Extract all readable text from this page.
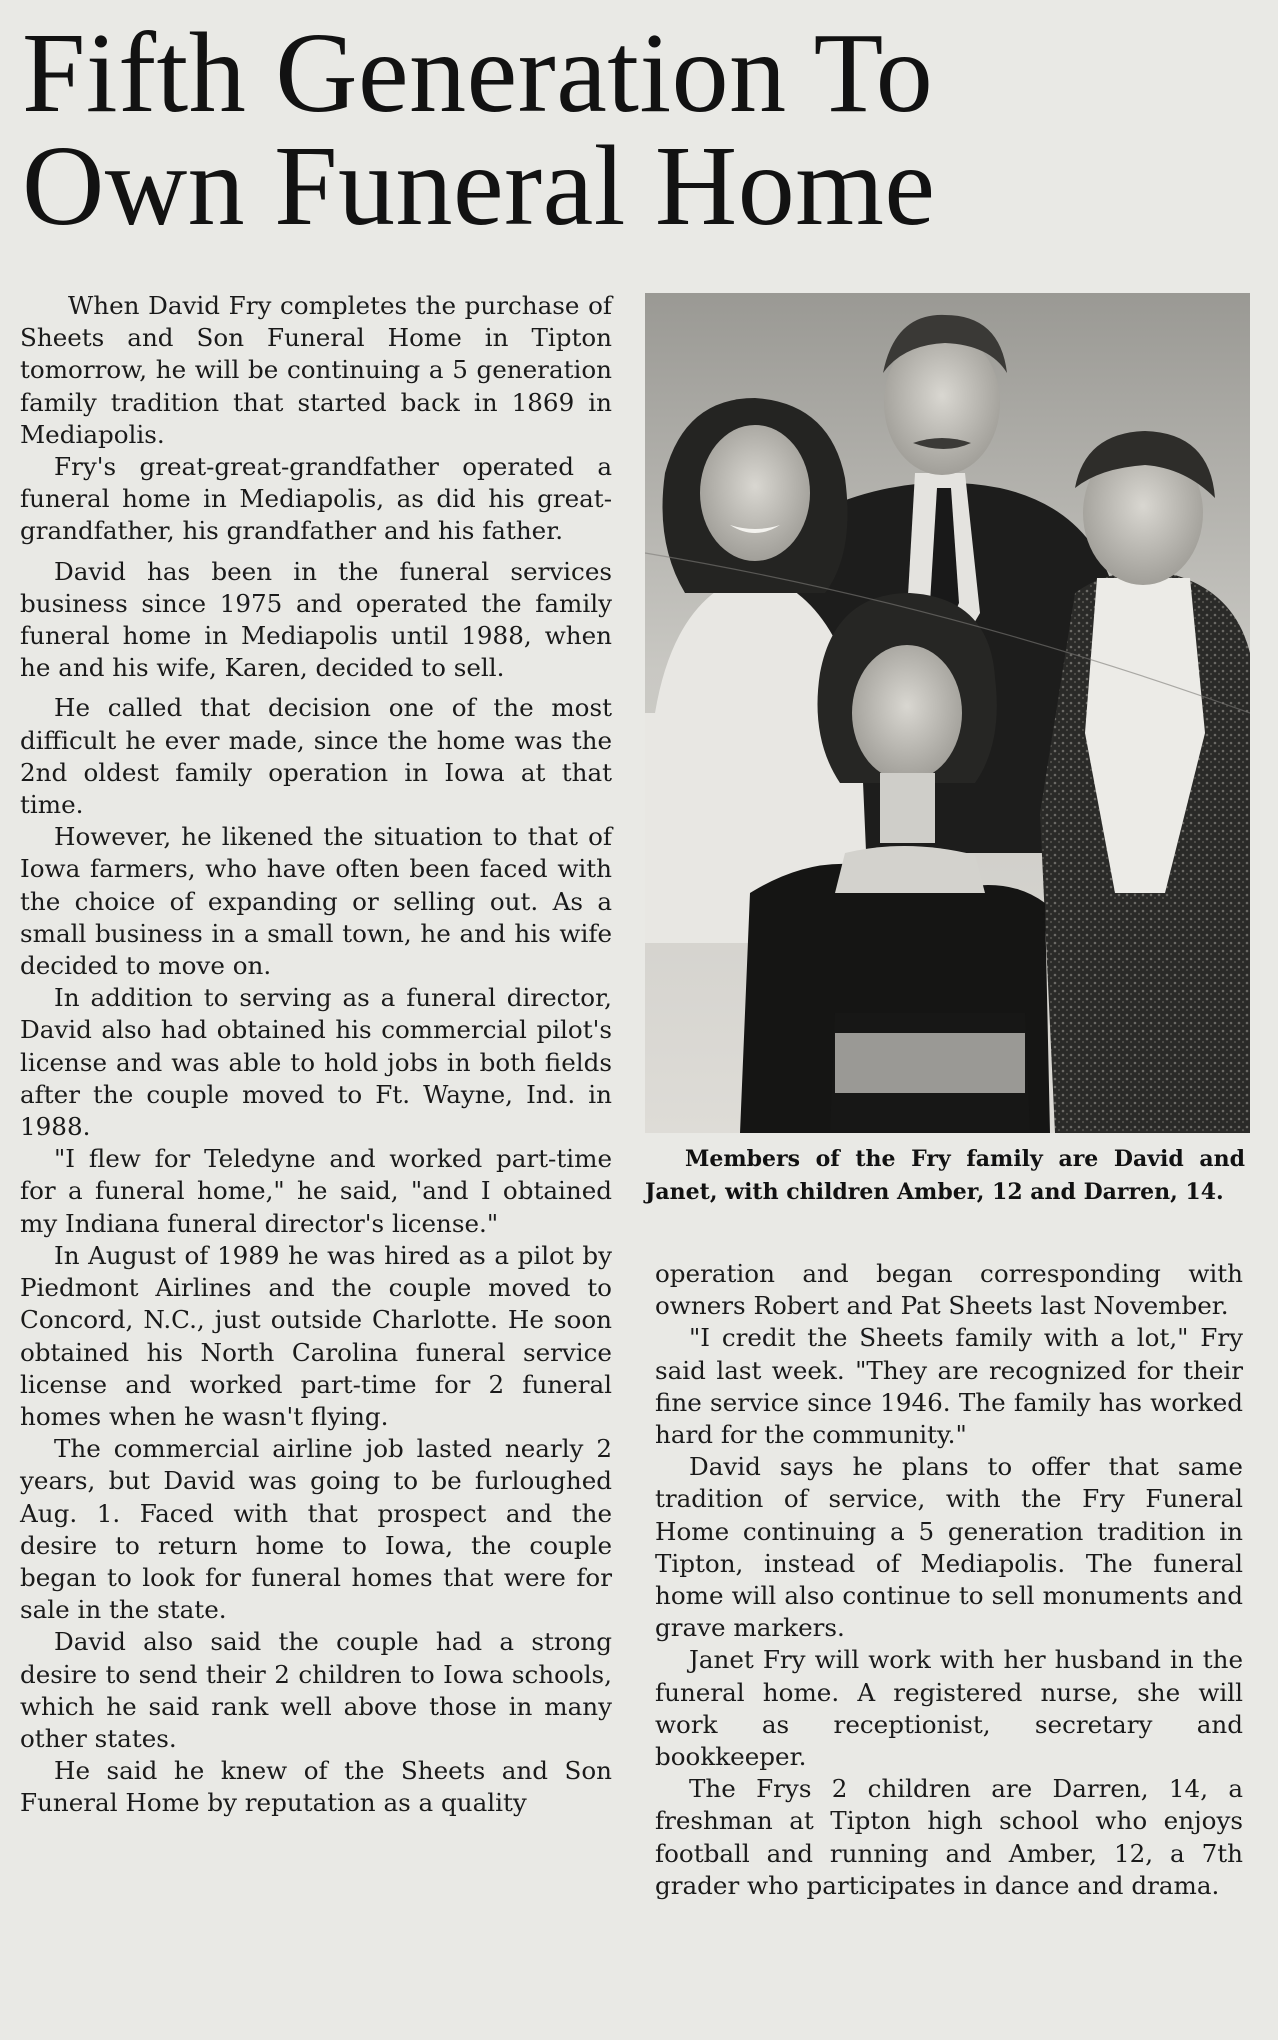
Fifth Generation To
Own Funeral Home

When David Fry completes the purchase of Sheets and Son Funeral Home in Tipton tomorrow, he will be continuing a 5 generation family tradition that started back in 1869 in Mediapolis.

Fry's great-great-grandfather operated a funeral home in Mediapolis, as did his great-grandfather, his grandfather and his father.

David has been in the funeral services business since 1975 and operated the family funeral home in Mediapolis until 1988, when he and his wife, Karen, decided to sell.

He called that decision one of the most difficult he ever made, since the home was the 2nd oldest family operation in Iowa at that time.

However, he likened the situation to that of Iowa farmers, who have often been faced with the choice of expanding or selling out. As a small business in a small town, he and his wife decided to move on.

In addition to serving as a funeral director, David also had obtained his commercial pilot's license and was able to hold jobs in both fields after the couple moved to Ft. Wayne, Ind. in 1988.

"I flew for Teledyne and worked part-time for a funeral home," he said, "and I obtained my Indiana funeral director's license."

In August of 1989 he was hired as a pilot by Piedmont Airlines and the couple moved to Concord, N.C., just outside Charlotte. He soon obtained his North Carolina funeral service license and worked part-time for 2 funeral homes when he wasn't flying.

The commercial airline job lasted nearly 2 years, but David was going to be furloughed Aug. 1. Faced with that prospect and the desire to return home to Iowa, the couple began to look for funeral homes that were for sale in the state.

David also said the couple had a strong desire to send their 2 children to Iowa schools, which he said rank well above those in many other states.

He said he knew of the Sheets and Son Funeral Home by reputation as a quality

Members of the Fry family are David and Janet, with children Amber, 12 and Darren, 14.

operation and began corresponding with owners Robert and Pat Sheets last November.

"I credit the Sheets family with a lot," Fry said last week. "They are recognized for their fine service since 1946. The family has worked hard for the community."

David says he plans to offer that same tradition of service, with the Fry Funeral Home continuing a 5 generation tradition in Tipton, instead of Mediapolis. The funeral home will also continue to sell monuments and grave markers.

Janet Fry will work with her husband in the funeral home. A registered nurse, she will work as receptionist, secretary and bookkeeper.

The Frys 2 children are Darren, 14, a freshman at Tipton high school who enjoys football and running and Amber, 12, a 7th grader who participates in dance and drama.
